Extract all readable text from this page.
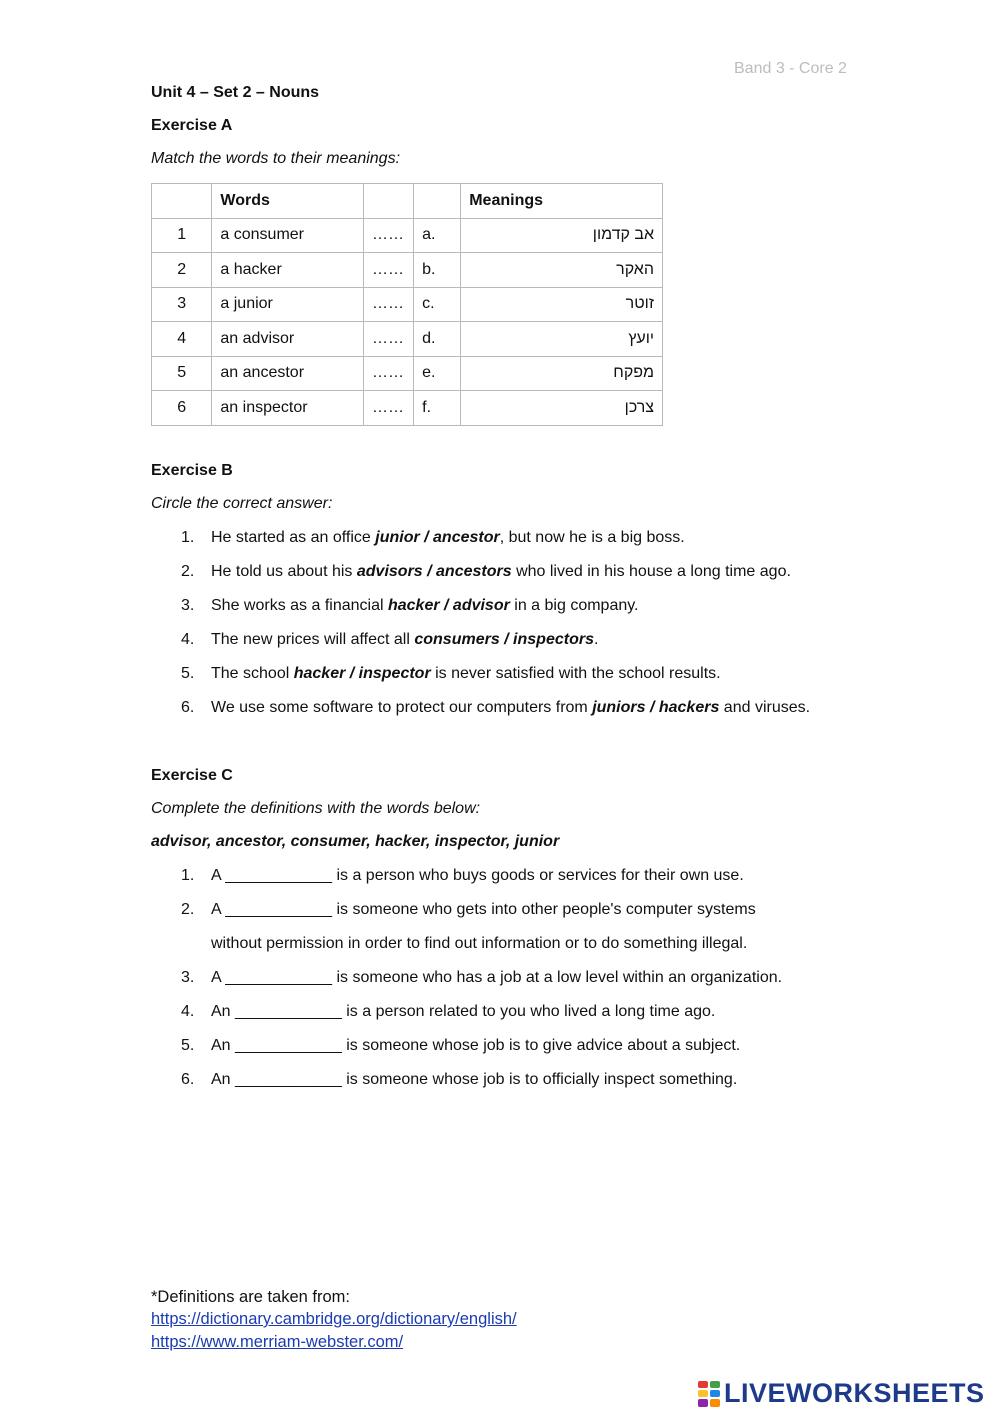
Band 3 - Core 2
Unit 4 – Set 2 – Nouns
Exercise A
Match the words to their meanings:
	Words			Meanings
1	a consumer	……	a.	אב קדמון
2	a hacker	……	b.	האקר
3	a junior	……	c.	זוטר
4	an advisor	……	d.	יועץ
5	an ancestor	……	e.	מפקח
6	an inspector	……	f.	צרכן
Exercise B
Circle the correct answer:
1. He started as an office junior / ancestor, but now he is a big boss.
2. He told us about his advisors / ancestors who lived in his house a long time ago.
3. She works as a financial hacker / advisor in a big company.
4. The new prices will affect all consumers / inspectors.
5. The school hacker / inspector is never satisfied with the school results.
6. We use some software to protect our computers from juniors / hackers and viruses.
Exercise C
Complete the definitions with the words below:
advisor, ancestor, consumer, hacker, inspector, junior
1. A ____________ is a person who buys goods or services for their own use.
2. A ____________ is someone who gets into other people's computer systems
without permission in order to find out information or to do something illegal.
3. A ____________ is someone who has a job at a low level within an organization.
4. An ____________ is a person related to you who lived a long time ago.
5. An ____________ is someone whose job is to give advice about a subject.
6. An ____________ is someone whose job is to officially inspect something.
*Definitions are taken from:
https://dictionary.cambridge.org/dictionary/english/
https://www.merriam-webster.com/
LIVEWORKSHEETS
